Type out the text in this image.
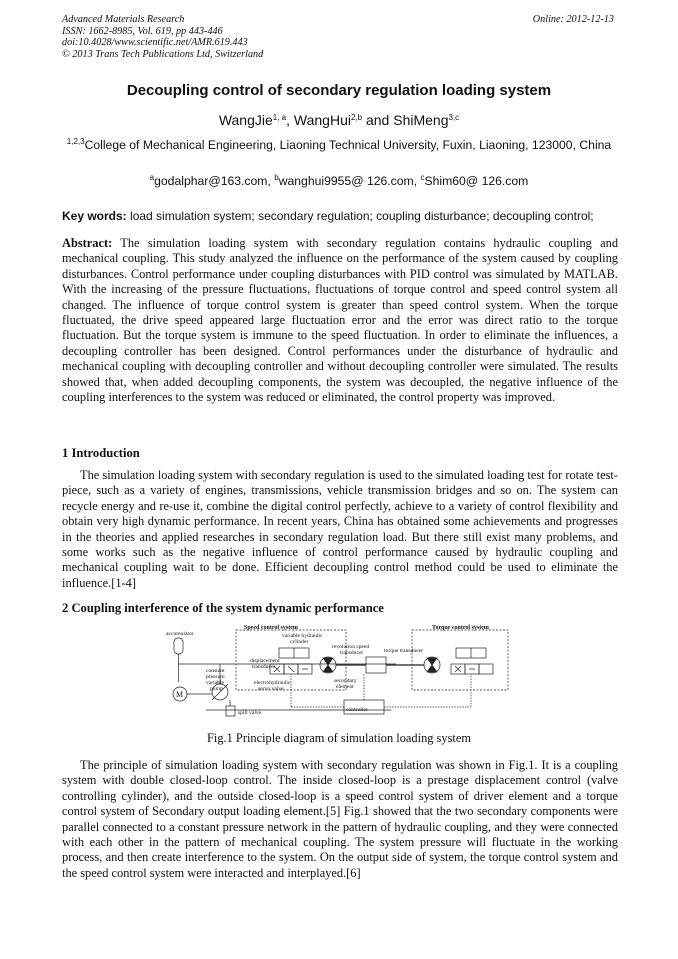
Advanced Materials Research
ISSN: 1662-8985, Vol. 619, pp 443-446
doi:10.4028/www.scientific.net/AMR.619.443
© 2013 Trans Tech Publications Ltd, Switzerland
Online: 2012-12-13
Decoupling control of secondary regulation loading system
WangJie$^{1, a}$, WangHui$^{2,b}$ and ShiMeng$^{3,c}$
$^{1,2,3}$College of Mechanical Engineering, Liaoning Technical University, Fuxin, Liaoning, 123000, China
$^a$godalphar@163.com, $^b$wanghui9955@ 126.com, $^c$Shim60@ 126.com
Key words: load simulation system; secondary regulation; coupling disturbance; decoupling control;
Abstract: The simulation loading system with secondary regulation contains hydraulic coupling and mechanical coupling. This study analyzed the influence on the performance of the system caused by coupling disturbances. Control performance under coupling disturbances with PID control was simulated by MATLAB. With the increasing of the pressure fluctuations, fluctuations of torque control and speed control system all changed. The influence of torque control system is greater than speed control system. When the torque fluctuated, the drive speed appeared large fluctuation error and the error was direct ratio to the torque fluctuation. But the torque system is immune to the speed fluctuation. In order to eliminate the influences, a decoupling controller has been designed. Control performances under the disturbance of hydraulic and mechanical coupling with decoupling controller and without decoupling controller were simulated. The results showed that, when added decoupling components, the system was decoupled, the negative influence of the coupling interferences to the system was reduced or eliminated, the control property was improved.
1 Introduction
The simulation loading system with secondary regulation is used to the simulated loading test for rotate test-piece, such as a variety of engines, transmissions, vehicle transmission bridges and so on. The system can recycle energy and re-use it, combine the digital control perfectly, achieve to a variety of control flexibility and obtain very high dynamic performance. In recent years, China has obtained some achievements and progresses in the theories and applied researches in secondary regulation load. But there still exist many problems, and some works such as the negative influence of control performance caused by hydraulic coupling and mechanical coupling wait to be done. Efficient decoupling control method could be used to eliminate the influence.[1-4]
2 Coupling interference of the system dynamic performance
Speed control system	Torque control system
accumulator	variable hydraulic
cylinder
revolution speed
transducer	torque transducer
displacement
transducer
constant
pressure
variable
pump
secondary
element
electrohydraulic
servo valve
M
spill valve	controller
Fig.1 Principle diagram of simulation loading system
The principle of simulation loading system with secondary regulation was shown in Fig.1. It is a coupling system with double closed-loop control. The inside closed-loop is a prestage displacement control (valve controlling cylinder), and the outside closed-loop is a speed control system of driver element and a torque control system of Secondary output loading element.[5] Fig.1 showed that the two secondary components were parallel connected to a constant pressure network in the pattern of hydraulic coupling, and they were connected with each other in the pattern of mechanical coupling. The system pressure will fluctuate in the working process, and then create interference to the system. On the output side of system, the torque control system and the speed control system were interacted and interplayed.[6]
